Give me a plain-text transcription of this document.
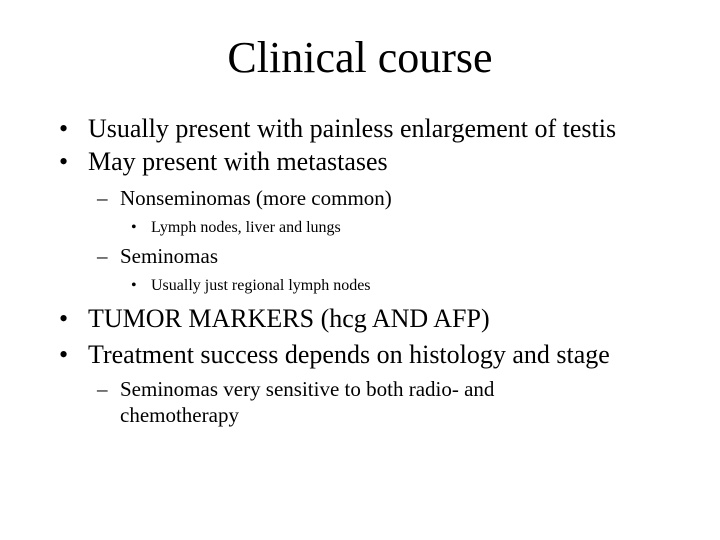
Clinical course
• Usually present with painless enlargement of testis
• May present with metastases
– Nonseminomas (more common)
• Lymph nodes, liver and lungs
– Seminomas
• Usually just regional lymph nodes
• TUMOR MARKERS (hcg AND AFP)
• Treatment success depends on histology and stage
– Seminomas very sensitive to both radio- and
chemotherapy
